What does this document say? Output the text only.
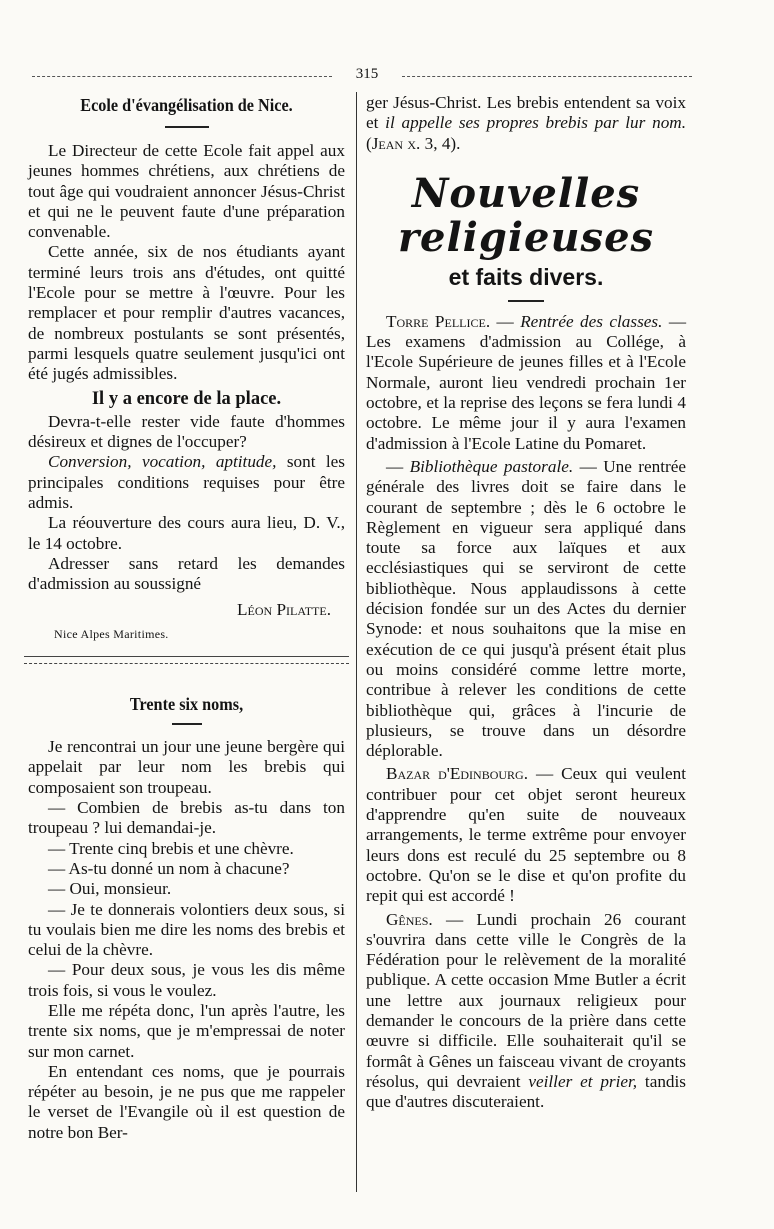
315
Ecole d'évangélisation de Nice.

Le Directeur de cette Ecole fait appel aux jeunes hommes chrétiens, aux chrétiens de tout âge qui voudraient annoncer Jésus-Christ et qui ne le peuvent faute d'une préparation convenable.

Cette année, six de nos étudiants ayant terminé leurs trois ans d'études, ont quitté l'Ecole pour se mettre à l'œuvre. Pour les remplacer et pour remplir d'autres vacances, de nombreux postulants se sont présentés, parmi lesquels quatre seulement jusqu'ici ont été jugés admissibles.

Il y a encore de la place.

Devra-t-elle rester vide faute d'hommes désireux et dignes de l'occuper?

Conversion, vocation, aptitude, sont les principales conditions requises pour être admis.

La réouverture des cours aura lieu, D. V., le 14 octobre.

Adresser sans retard les demandes d'admission au soussigné

Léon Pilatte.
Nice Alpes Maritimes.
Trente six noms,

Je rencontrai un jour une jeune bergère qui appelait par leur nom les brebis qui composaient son troupeau.

— Combien de brebis as-tu dans ton troupeau ? lui demandai-je.

— Trente cinq brebis et une chèvre.

— As-tu donné un nom à chacune?

— Oui, monsieur.

— Je te donnerais volontiers deux sous, si tu voulais bien me dire les noms des brebis et celui de la chèvre.

— Pour deux sous, je vous les dis même trois fois, si vous le voulez.

Elle me répéta donc, l'un après l'autre, les trente six noms, que je m'empressai de noter sur mon carnet.

En entendant ces noms, que je pourrais répéter au besoin, je ne pus que me rappeler le verset de l'Evangile où il est question de notre bon Ber-

ger Jésus-Christ. Les brebis entendent sa voix et il appelle ses propres brebis par lur nom. (Jean x. 3, 4).

Nouvelles religieuses
et faits divers.

Torre Pellice. — Rentrée des classes. — Les examens d'admission au Collége, à l'Ecole Supérieure de jeunes filles et à l'Ecole Normale, auront lieu vendredi prochain 1er octobre, et la reprise des leçons se fera lundi 4 octobre. Le même jour il y aura l'examen d'admission à l'Ecole Latine du Pomaret.

— Bibliothèque pastorale. — Une rentrée générale des livres doit se faire dans le courant de septembre ; dès le 6 octobre le Règlement en vigueur sera appliqué dans toute sa force aux laïques et aux ecclésiastiques qui se serviront de cette bibliothèque. Nous applaudissons à cette décision fondée sur un des Actes du dernier Synode: et nous souhaitons que la mise en exécution de ce qui jusqu'à présent était plus ou moins considéré comme lettre morte, contribue à relever les conditions de cette bibliothèque qui, grâces à l'incurie de plusieurs, se trouve dans un désordre déplorable.

Bazar d'Edinbourg. — Ceux qui veulent contribuer pour cet objet seront heureux d'apprendre qu'en suite de nouveaux arrangements, le terme extrême pour envoyer leurs dons est reculé du 25 septembre ou 8 octobre. Qu'on se le dise et qu'on profite du repit qui est accordé !

Gênes. — Lundi prochain 26 courant s'ouvrira dans cette ville le Congrès de la Fédération pour le relèvement de la moralité publique. A cette occasion Mme Butler a écrit une lettre aux journaux religieux pour demander le concours de la prière dans cette œuvre si difficile. Elle souhaiterait qu'il se formât à Gênes un faisceau vivant de croyants résolus, qui devraient veiller et prier, tandis que d'autres discuteraient.
